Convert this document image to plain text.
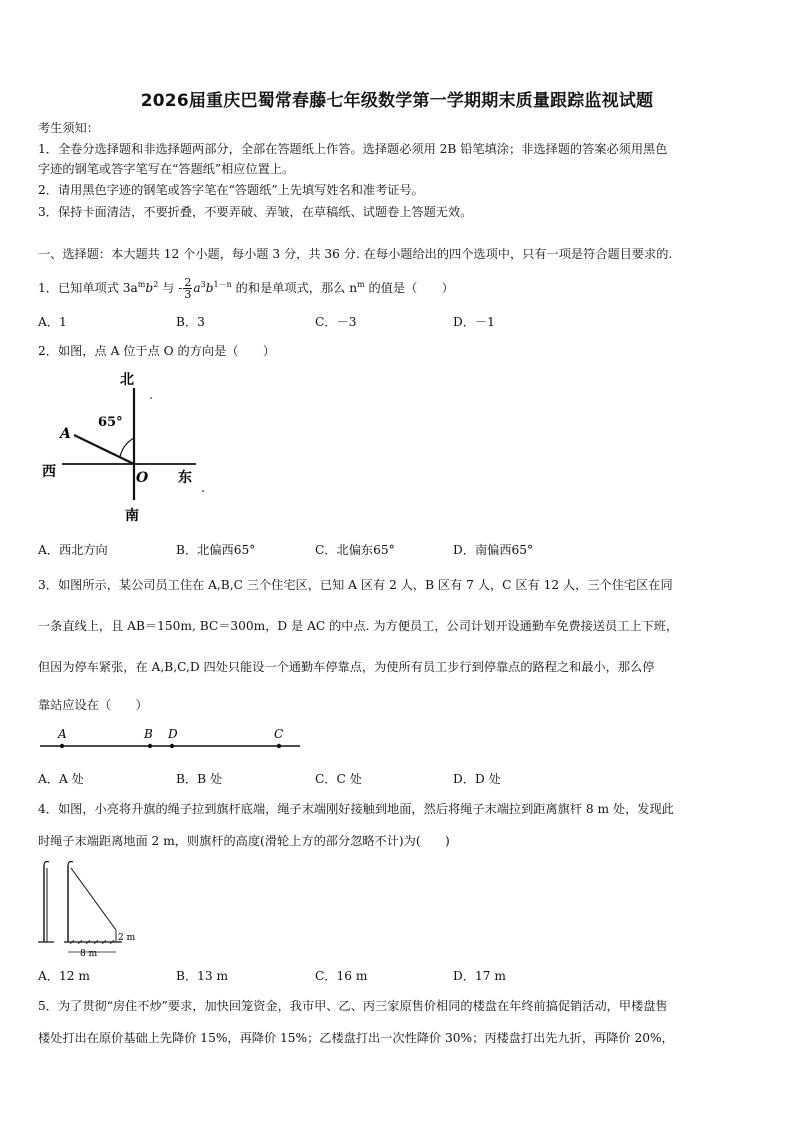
2026届重庆巴蜀常春藤七年级数学第一学期期末质量跟踪监视试题
考生须知：
1．全卷分选择题和非选择题两部分，全部在答题纸上作答。选择题必须用 2B 铅笔填涂；非选择题的答案必须用黑色
字迹的钢笔或答字笔写在“答题纸”相应位置上。
2．请用黑色字迹的钢笔或答字笔在“答题纸”上先填写姓名和准考证号。
3．保持卡面清洁，不要折叠，不要弄破、弄皱，在草稿纸、试题卷上答题无效。
一、选择题：本大题共 12 个小题，每小题 3 分，共 36 分. 在每小题给出的四个选项中，只有一项是符合题目要求的.
1．已知单项式 $3a^mb^2$ 与 - $\frac{2}{3} a^3b^{1-n}$ 的和是单项式，那么 $n^m$ 的值是（　　）
A．1	B．3	C．－3	D．－1
2．如图，点 A 位于点 O 的方向是（　　）
北
南
西	东
65°
A
O
A．西北方向	B．北偏西65°	C．北偏东65°	D．南偏西65°
3．如图所示，某公司员工住在 A,B,C 三个住宅区，已知 A 区有 2 人，B 区有 7 人，C 区有 12 人，三个住宅区在同
一条直线上，且 AB＝150m, BC＝300m，D 是 AC 的中点. 为方便员工，公司计划开设通勤车免费接送员工上下班，
但因为停车紧张，在 A,B,C,D 四处只能设一个通勤车停靠点，为使所有员工步行到停靠点的路程之和最小，那么停
靠站应设在（　　）
A	B D	C
A．A 处	B．B 处	C．C 处	D．D 处
4．如图，小亮将升旗的绳子拉到旗杆底端，绳子末端刚好接触到地面，然后将绳子末端拉到距离旗杆 8 m 处，发现此
时绳子末端距离地面 2 m，则旗杆的高度(滑轮上方的部分忽略不计)为(　　)
8 m
2 m
A．12 m	B．13 m	C．16 m	D．17 m
5．为了贯彻“房住不炒”要求，加快回笼资金，我市甲、乙、丙三家原售价相同的楼盘在年终前搞促销活动，甲楼盘售
楼处打出在原价基础上先降价 15%，再降价 15%；乙楼盘打出一次性降价 30%；丙楼盘打出先九折，再降价 20%，
